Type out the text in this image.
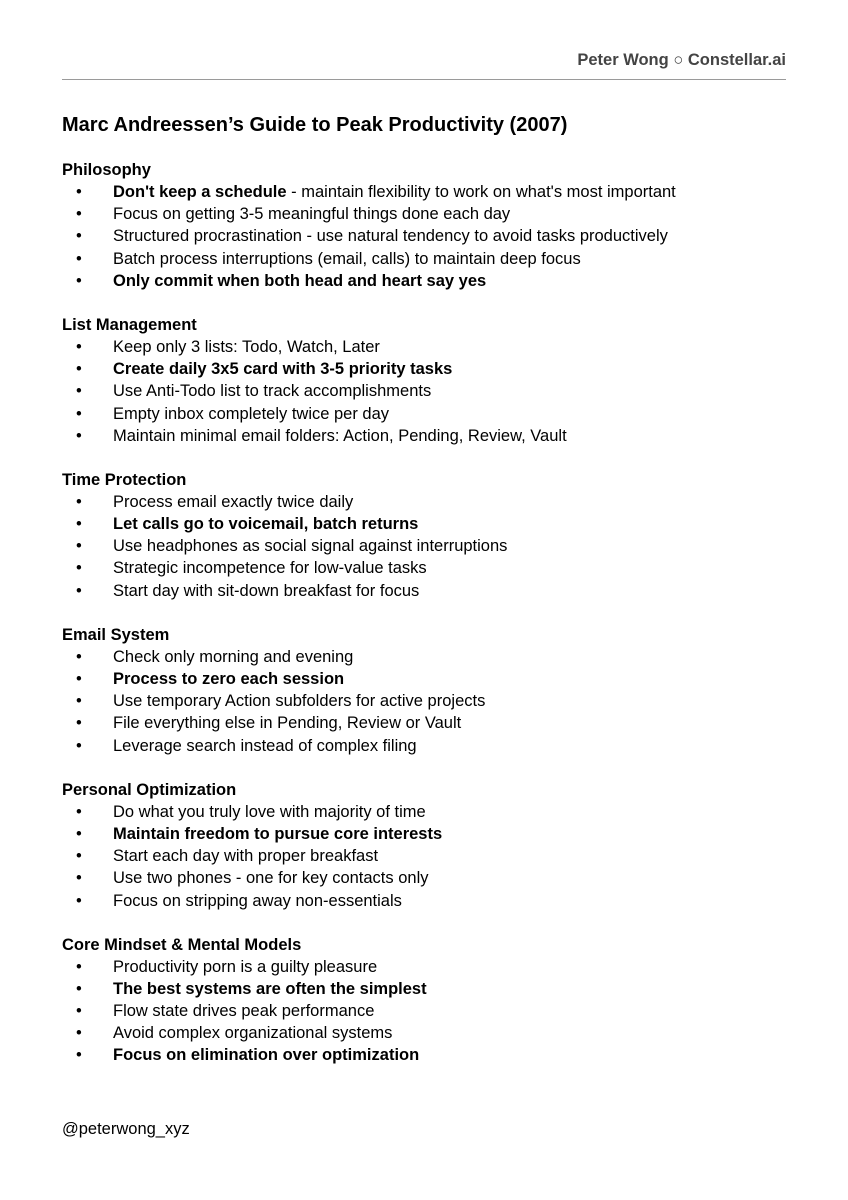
Peter Wong ○ Constellar.ai
Marc Andreessen’s Guide to Peak Productivity (2007)
Philosophy
• Don't keep a schedule - maintain flexibility to work on what's most important
• Focus on getting 3-5 meaningful things done each day
• Structured procrastination - use natural tendency to avoid tasks productively
• Batch process interruptions (email, calls) to maintain deep focus
• Only commit when both head and heart say yes
List Management
• Keep only 3 lists: Todo, Watch, Later
• Create daily 3x5 card with 3-5 priority tasks
• Use Anti-Todo list to track accomplishments
• Empty inbox completely twice per day
• Maintain minimal email folders: Action, Pending, Review, Vault
Time Protection
• Process email exactly twice daily
• Let calls go to voicemail, batch returns
• Use headphones as social signal against interruptions
• Strategic incompetence for low-value tasks
• Start day with sit-down breakfast for focus
Email System
• Check only morning and evening
• Process to zero each session
• Use temporary Action subfolders for active projects
• File everything else in Pending, Review or Vault
• Leverage search instead of complex filing
Personal Optimization
• Do what you truly love with majority of time
• Maintain freedom to pursue core interests
• Start each day with proper breakfast
• Use two phones - one for key contacts only
• Focus on stripping away non-essentials
Core Mindset & Mental Models
• Productivity porn is a guilty pleasure
• The best systems are often the simplest
• Flow state drives peak performance
• Avoid complex organizational systems
• Focus on elimination over optimization
@peterwong_xyz
